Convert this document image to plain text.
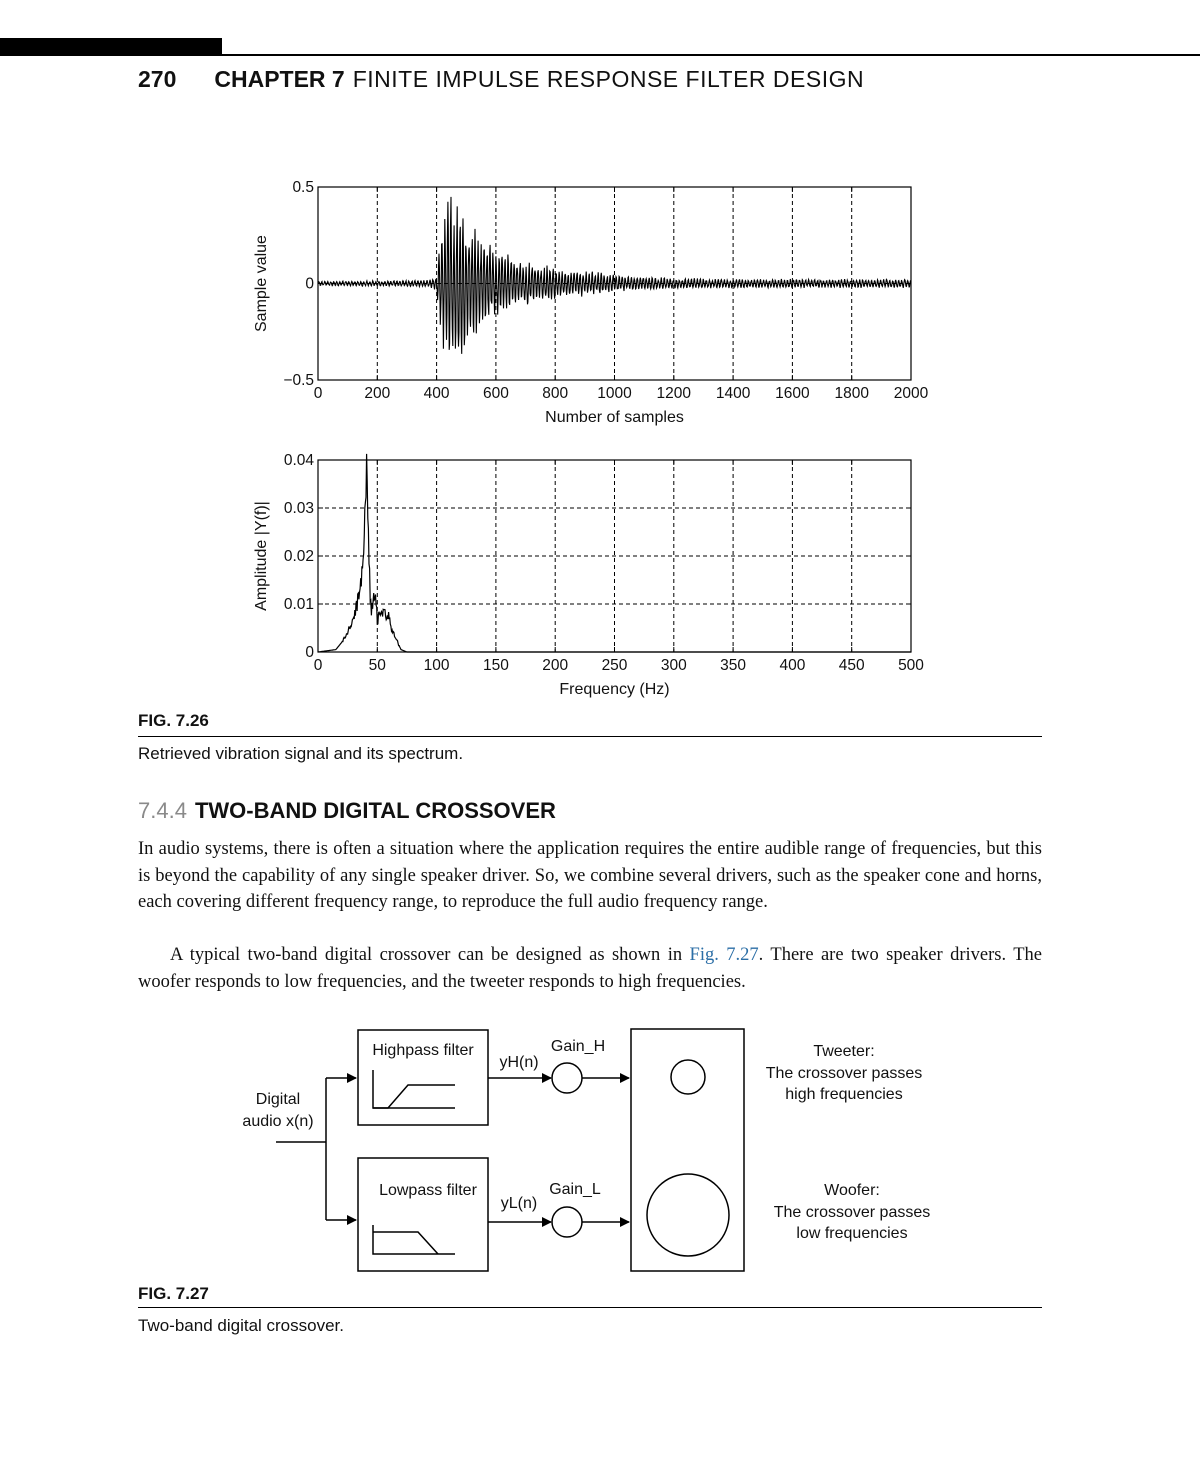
270 CHAPTER 7 FINITE IMPULSE RESPONSE FILTER DESIGN
0	200 400 600 800 1000 1200 1400 1600 1800 2000
0.5
0
−0.5
Number of samples
Sample value
0	50 100 150 200 250 300 350 400 450 500
0.04
0.03
0.02
0.01
0
Frequency (Hz)
Amplitude |Y(f)|
FIG. 7.26
Retrieved vibration signal and its spectrum.
7.4.4 TWO-BAND DIGITAL CROSSOVER

In audio systems, there is often a situation where the application requires the entire audible range of frequencies, but this is beyond the capability of any single speaker driver. So, we combine several drivers, such as the speaker cone and horns, each covering different frequency range, to reproduce the full audio frequency range.

A typical two-band digital crossover can be designed as shown in Fig. 7.27. There are two speaker drivers. The woofer responds to low frequencies, and the tweeter responds to high frequencies.

Digital
audio x(n)
Highpass filter
Lowpass filter
yH(n)
yL(n)
Gain_H
Gain_L
Tweeter:
The crossover passes
high frequencies
Woofer:
The crossover passes
low frequencies
FIG. 7.27
Two-band digital crossover.
